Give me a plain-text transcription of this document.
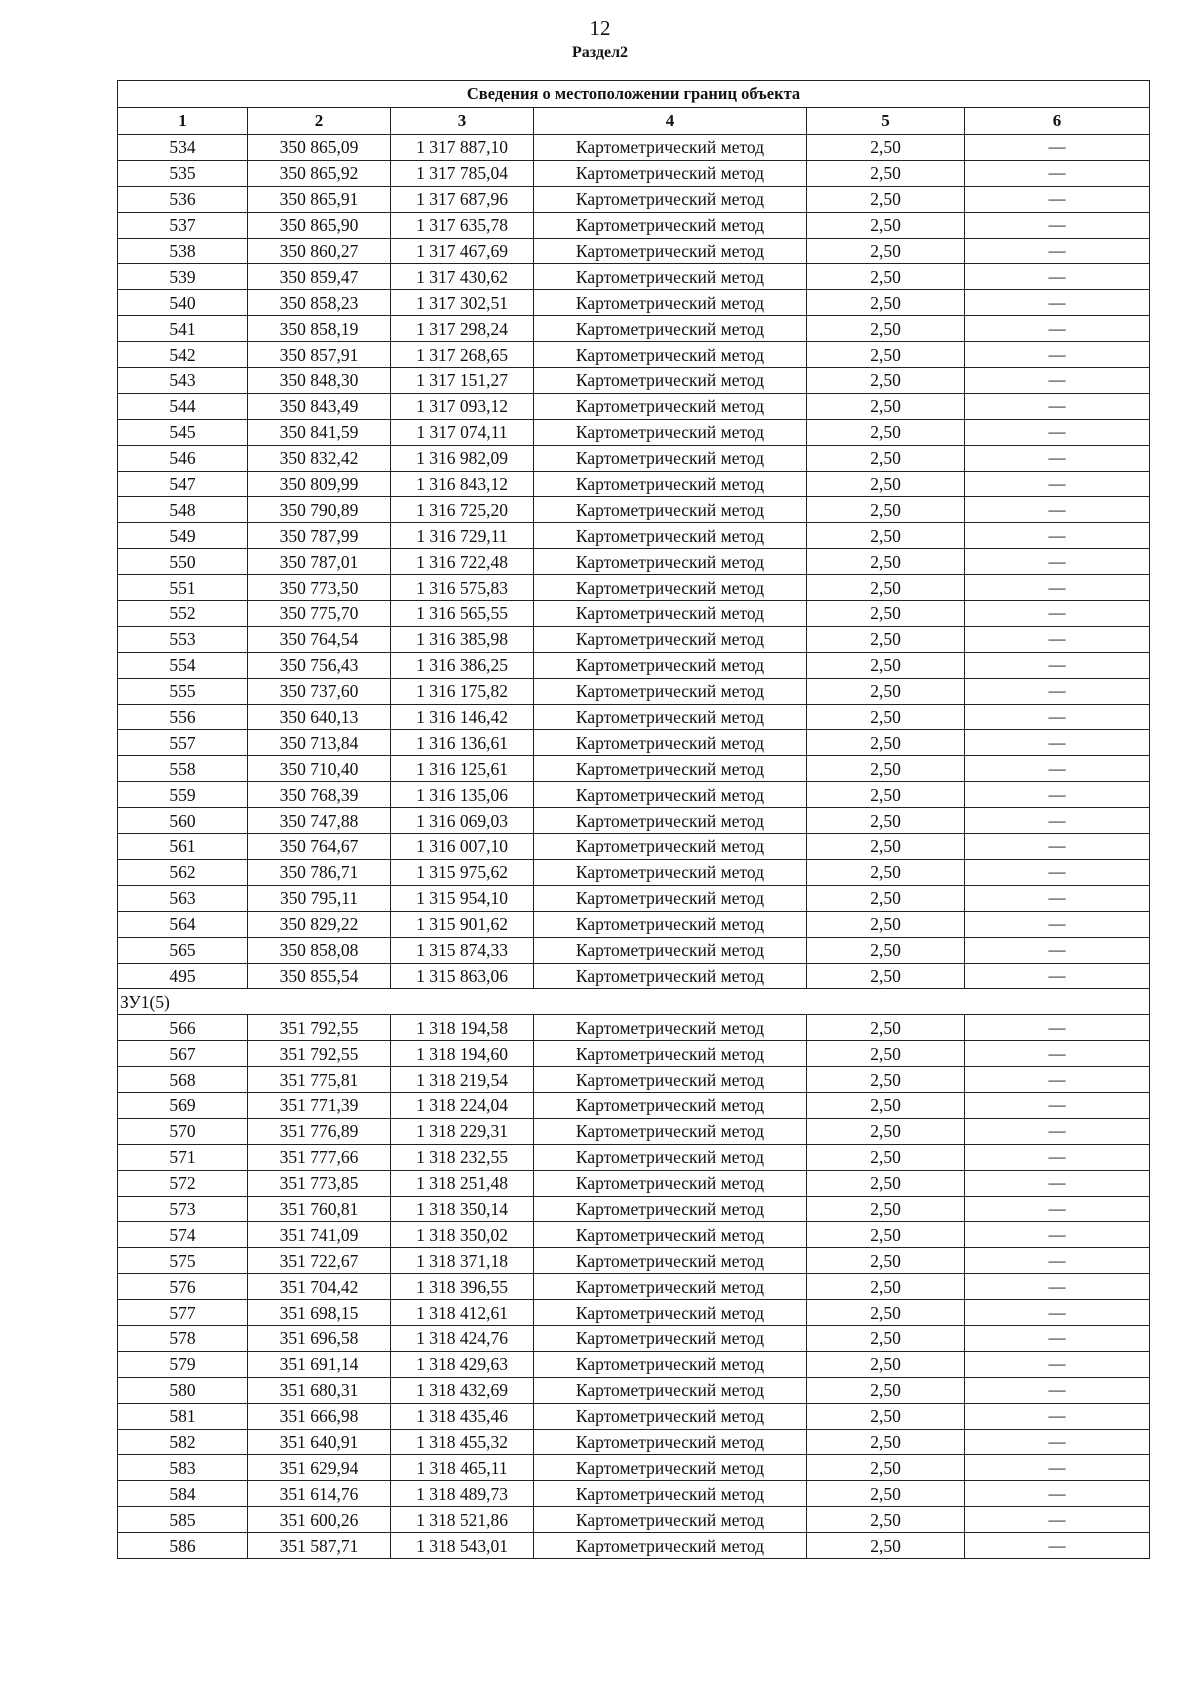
12
Раздел2
Сведения о местоположении границ объекта					
1	2	3	4	5	6
534	350 865,09	1 317 887,10	Картометрический метод	2,50	—
535	350 865,92	1 317 785,04	Картометрический метод	2,50	—
536	350 865,91	1 317 687,96	Картометрический метод	2,50	—
537	350 865,90	1 317 635,78	Картометрический метод	2,50	—
538	350 860,27	1 317 467,69	Картометрический метод	2,50	—
539	350 859,47	1 317 430,62	Картометрический метод	2,50	—
540	350 858,23	1 317 302,51	Картометрический метод	2,50	—
541	350 858,19	1 317 298,24	Картометрический метод	2,50	—
542	350 857,91	1 317 268,65	Картометрический метод	2,50	—
543	350 848,30	1 317 151,27	Картометрический метод	2,50	—
544	350 843,49	1 317 093,12	Картометрический метод	2,50	—
545	350 841,59	1 317 074,11	Картометрический метод	2,50	—
546	350 832,42	1 316 982,09	Картометрический метод	2,50	—
547	350 809,99	1 316 843,12	Картометрический метод	2,50	—
548	350 790,89	1 316 725,20	Картометрический метод	2,50	—
549	350 787,99	1 316 729,11	Картометрический метод	2,50	—
550	350 787,01	1 316 722,48	Картометрический метод	2,50	—
551	350 773,50	1 316 575,83	Картометрический метод	2,50	—
552	350 775,70	1 316 565,55	Картометрический метод	2,50	—
553	350 764,54	1 316 385,98	Картометрический метод	2,50	—
554	350 756,43	1 316 386,25	Картометрический метод	2,50	—
555	350 737,60	1 316 175,82	Картометрический метод	2,50	—
556	350 640,13	1 316 146,42	Картометрический метод	2,50	—
557	350 713,84	1 316 136,61	Картометрический метод	2,50	—
558	350 710,40	1 316 125,61	Картометрический метод	2,50	—
559	350 768,39	1 316 135,06	Картометрический метод	2,50	—
560	350 747,88	1 316 069,03	Картометрический метод	2,50	—
561	350 764,67	1 316 007,10	Картометрический метод	2,50	—
562	350 786,71	1 315 975,62	Картометрический метод	2,50	—
563	350 795,11	1 315 954,10	Картометрический метод	2,50	—
564	350 829,22	1 315 901,62	Картометрический метод	2,50	—
565	350 858,08	1 315 874,33	Картометрический метод	2,50	—
495	350 855,54	1 315 863,06	Картометрический метод	2,50	—
ЗУ1(5)					
566	351 792,55	1 318 194,58	Картометрический метод	2,50	—
567	351 792,55	1 318 194,60	Картометрический метод	2,50	—
568	351 775,81	1 318 219,54	Картометрический метод	2,50	—
569	351 771,39	1 318 224,04	Картометрический метод	2,50	—
570	351 776,89	1 318 229,31	Картометрический метод	2,50	—
571	351 777,66	1 318 232,55	Картометрический метод	2,50	—
572	351 773,85	1 318 251,48	Картометрический метод	2,50	—
573	351 760,81	1 318 350,14	Картометрический метод	2,50	—
574	351 741,09	1 318 350,02	Картометрический метод	2,50	—
575	351 722,67	1 318 371,18	Картометрический метод	2,50	—
576	351 704,42	1 318 396,55	Картометрический метод	2,50	—
577	351 698,15	1 318 412,61	Картометрический метод	2,50	—
578	351 696,58	1 318 424,76	Картометрический метод	2,50	—
579	351 691,14	1 318 429,63	Картометрический метод	2,50	—
580	351 680,31	1 318 432,69	Картометрический метод	2,50	—
581	351 666,98	1 318 435,46	Картометрический метод	2,50	—
582	351 640,91	1 318 455,32	Картометрический метод	2,50	—
583	351 629,94	1 318 465,11	Картометрический метод	2,50	—
584	351 614,76	1 318 489,73	Картометрический метод	2,50	—
585	351 600,26	1 318 521,86	Картометрический метод	2,50	—
586	351 587,71	1 318 543,01	Картометрический метод	2,50	—
